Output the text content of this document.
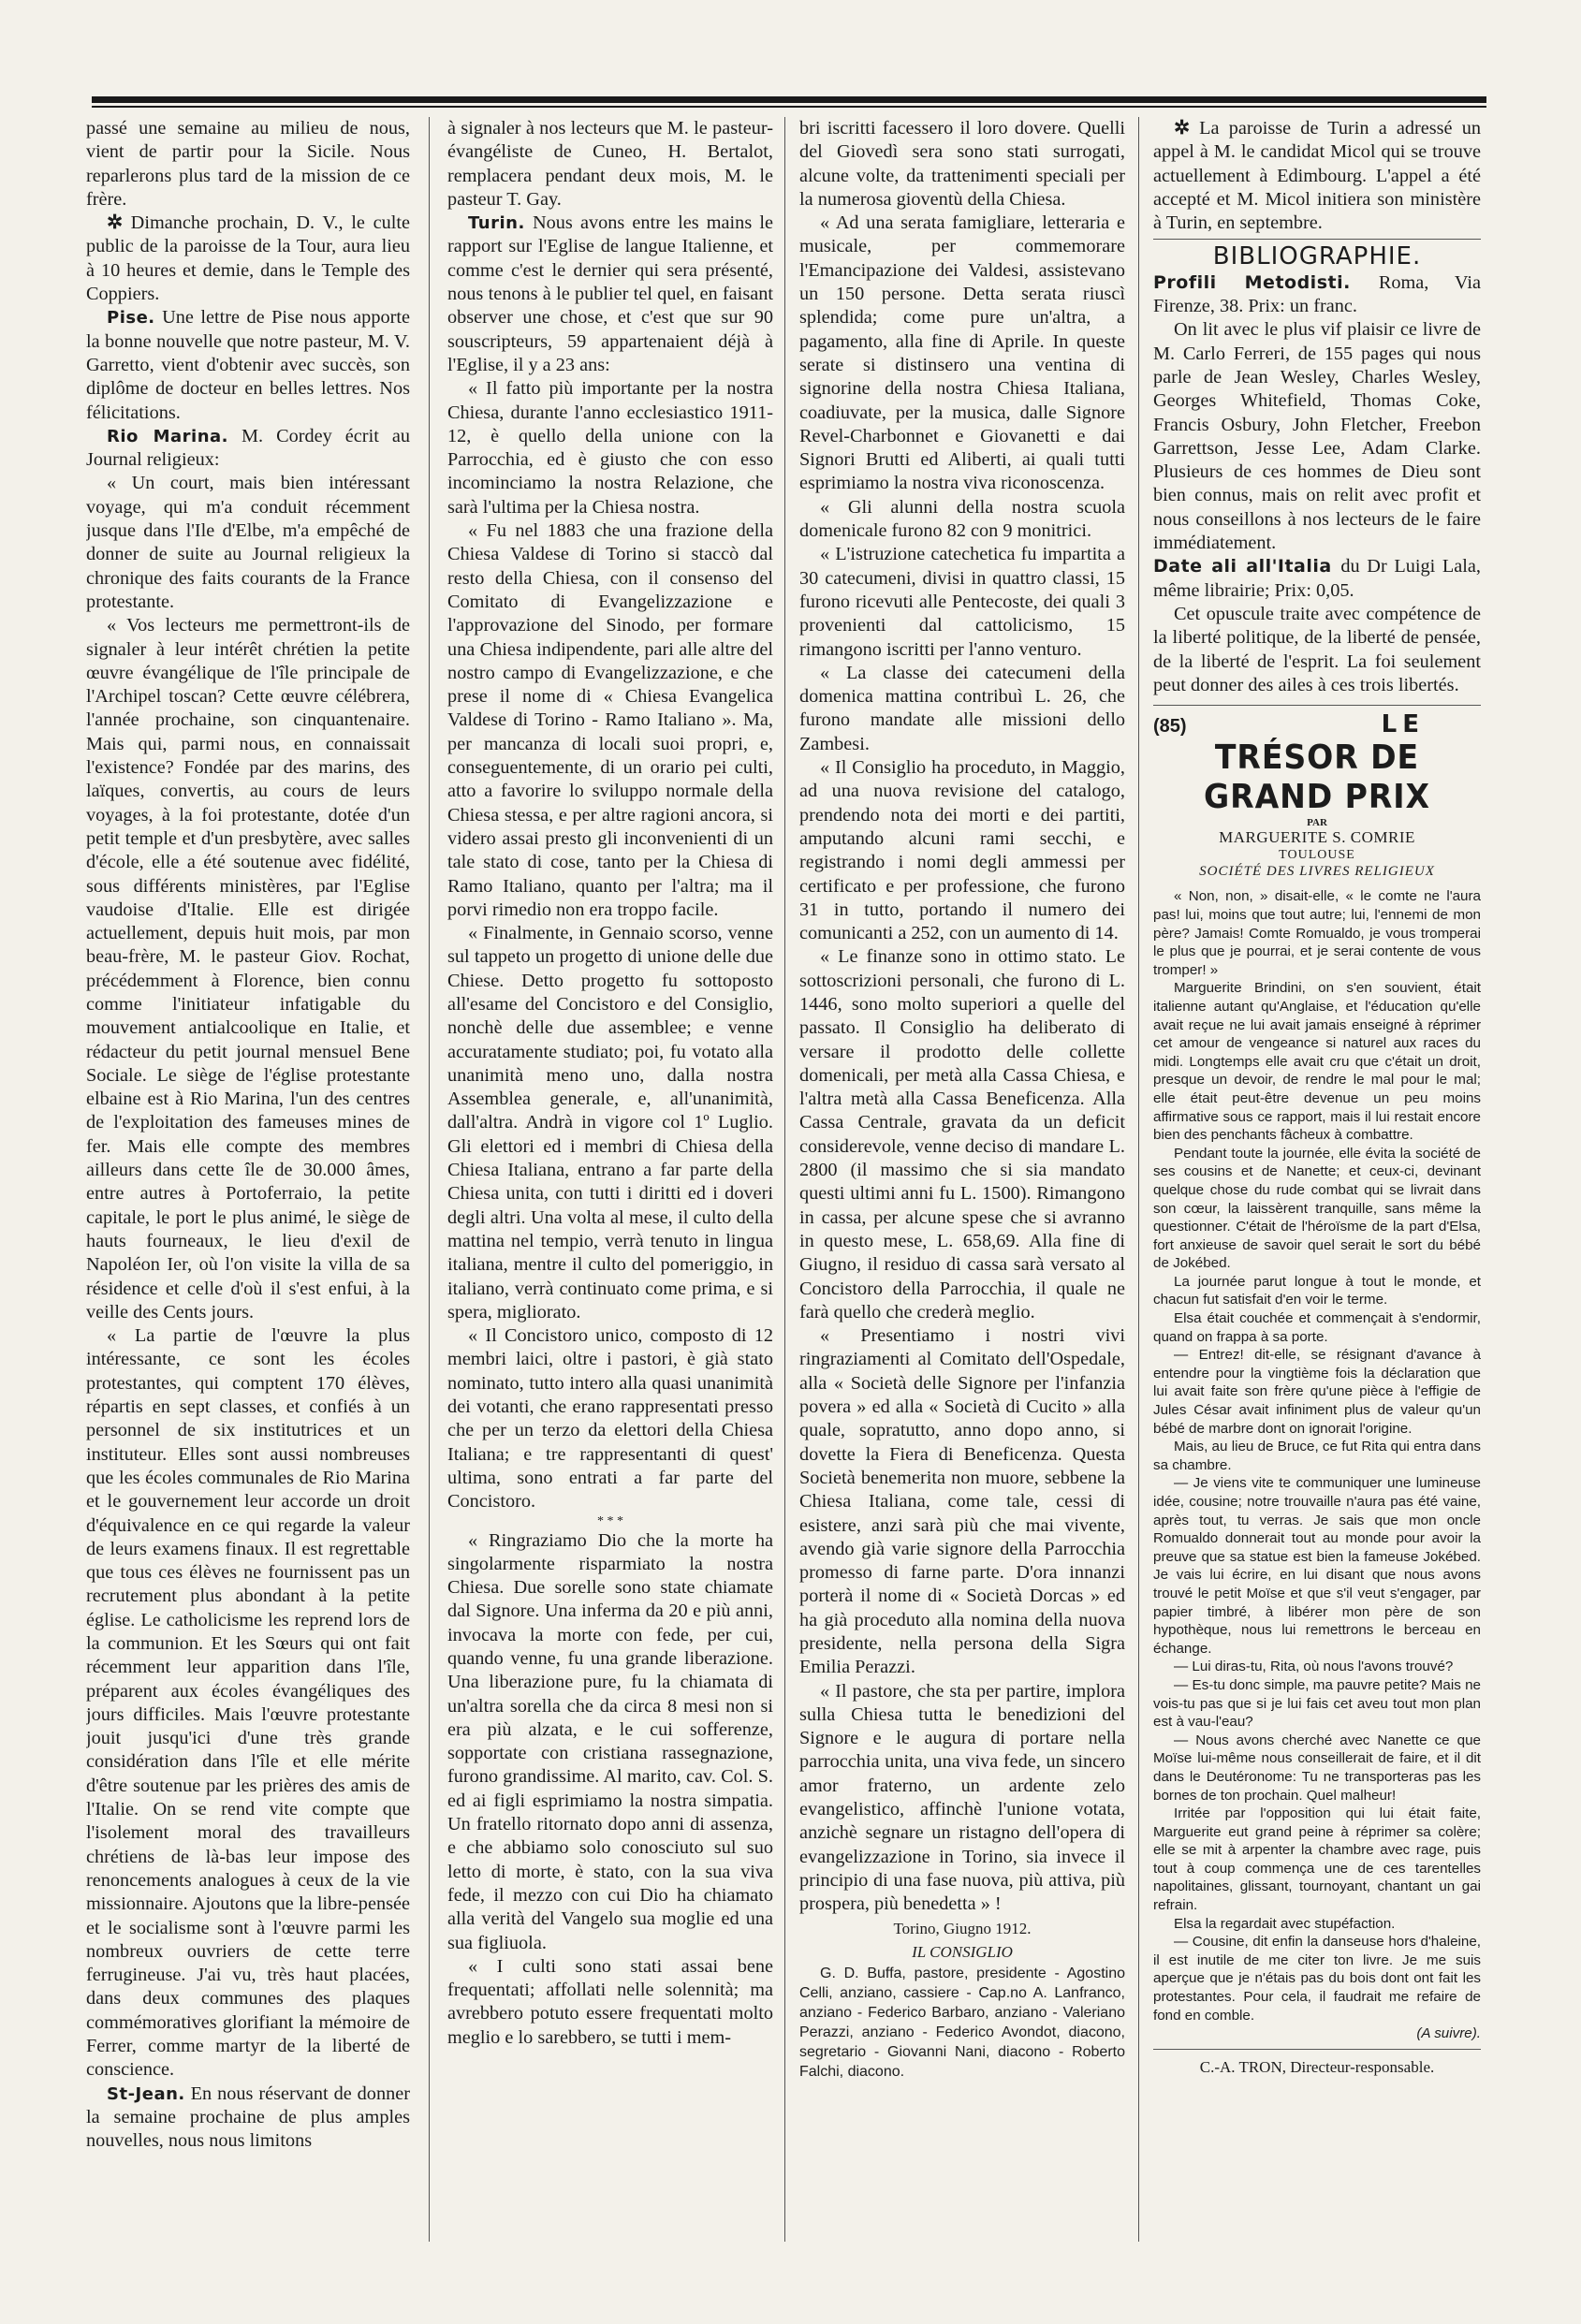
passé une semaine au milieu de nous, vient de partir pour la Sicile. Nous reparlerons plus tard de la mission de ce frère.

✲ Dimanche prochain, D. V., le culte public de la paroisse de la Tour, aura lieu à 10 heures et demie, dans le Temple des Coppiers.

Pise. Une lettre de Pise nous apporte la bonne nouvelle que notre pasteur, M. V. Garretto, vient d'obtenir avec succès, son diplôme de docteur en belles lettres. Nos félicitations.

Rio Marina. M. Cordey écrit au Journal religieux:

« Un court, mais bien intéressant voyage, qui m'a conduit récemment jusque dans l'Ile d'Elbe, m'a empêché de donner de suite au Journal religieux la chronique des faits courants de la France protestante.

« Vos lecteurs me permettront-ils de signaler à leur intérêt chrétien la petite œuvre évangélique de l'île principale de l'Archipel toscan? Cette œuvre célébrera, l'année prochaine, son cinquantenaire. Mais qui, parmi nous, en connaissait l'existence? Fondée par des marins, des laïques, convertis, au cours de leurs voyages, à la foi protestante, dotée d'un petit temple et d'un presbytère, avec salles d'école, elle a été soutenue avec fidélité, sous différents ministères, par l'Eglise vaudoise d'Italie. Elle est dirigée actuellement, depuis huit mois, par mon beau-frère, M. le pasteur Giov. Rochat, précédemment à Florence, bien connu comme l'initiateur infatigable du mouvement antialcoolique en Italie, et rédacteur du petit journal mensuel Bene Sociale. Le siège de l'église protestante elbaine est à Rio Marina, l'un des centres de l'exploitation des fameuses mines de fer. Mais elle compte des membres ailleurs dans cette île de 30.000 âmes, entre autres à Portoferraio, la petite capitale, le port le plus animé, le siège de hauts fourneaux, le lieu d'exil de Napoléon Ier, où l'on visite la villa de sa résidence et celle d'où il s'est enfui, à la veille des Cents jours.

« La partie de l'œuvre la plus intéressante, ce sont les écoles protestantes, qui comptent 170 élèves, répartis en sept classes, et confiés à un personnel de six institutrices et un instituteur. Elles sont aussi nombreuses que les écoles communales de Rio Marina et le gouvernement leur accorde un droit d'équivalence en ce qui regarde la valeur de leurs examens finaux. Il est regrettable que tous ces élèves ne fournissent pas un recrutement plus abondant à la petite église. Le catholicisme les reprend lors de la communion. Et les Sœurs qui ont fait récemment leur apparition dans l'île, préparent aux écoles évangéliques des jours difficiles. Mais l'œuvre protestante jouit jusqu'ici d'une très grande considération dans l'île et elle mérite d'être soutenue par les prières des amis de l'Italie. On se rend vite compte que l'isolement moral des travailleurs chrétiens de là-bas leur impose des renoncements analogues à ceux de la vie missionnaire. Ajoutons que la libre-pensée et le socialisme sont à l'œuvre parmi les nombreux ouvriers de cette terre ferrugineuse. J'ai vu, très haut placées, dans deux communes des plaques commémoratives glorifiant la mémoire de Ferrer, comme martyr de la liberté de conscience.

St-Jean. En nous réservant de donner la semaine prochaine de plus amples nouvelles, nous nous limitons

à signaler à nos lecteurs que M. le pasteur-évangéliste de Cuneo, H. Bertalot, remplacera pendant deux mois, M. le pasteur T. Gay.

Turin. Nous avons entre les mains le rapport sur l'Eglise de langue Italienne, et comme c'est le dernier qui sera présenté, nous tenons à le publier tel quel, en faisant observer une chose, et c'est que sur 90 souscripteurs, 59 appartenaient déjà à l'Eglise, il y a 23 ans:

« Il fatto più importante per la nostra Chiesa, durante l'anno ecclesiastico 1911-12, è quello della unione con la Parrocchia, ed è giusto che con esso incominciamo la nostra Relazione, che sarà l'ultima per la Chiesa nostra.

« Fu nel 1883 che una frazione della Chiesa Valdese di Torino si staccò dal resto della Chiesa, con il consenso del Comitato di Evangelizzazione e l'approvazione del Sinodo, per formare una Chiesa indipendente, pari alle altre del nostro campo di Evangelizzazione, e che prese il nome di « Chiesa Evangelica Valdese di Torino - Ramo Italiano ». Ma, per mancanza di locali suoi propri, e, conseguentemente, di un orario pei culti, atto a favorire lo sviluppo normale della Chiesa stessa, e per altre ragioni ancora, si videro assai presto gli inconvenienti di un tale stato di cose, tanto per la Chiesa di Ramo Italiano, quanto per l'altra; ma il porvi rimedio non era troppo facile.

« Finalmente, in Gennaio scorso, venne sul tappeto un progetto di unione delle due Chiese. Detto progetto fu sottoposto all'esame del Concistoro e del Consiglio, nonchè delle due assemblee; e venne accuratamente studiato; poi, fu votato alla unanimità meno uno, dalla nostra Assemblea generale, e, all'unanimità, dall'altra. Andrà in vigore col 1º Luglio. Gli elettori ed i membri di Chiesa della Chiesa Italiana, entrano a far parte della Chiesa unita, con tutti i diritti ed i doveri degli altri. Una volta al mese, il culto della mattina nel tempio, verrà tenuto in lingua italiana, mentre il culto del pomeriggio, in italiano, verrà continuato come prima, e si spera, migliorato.

« Il Concistoro unico, composto di 12 membri laici, oltre i pastori, è già stato nominato, tutto intero alla quasi unanimità dei votanti, che erano rappresentati presso che per un terzo da elettori della Chiesa Italiana; e tre rappresentanti di quest' ultima, sono entrati a far parte del Concistoro.

* * *

« Ringraziamo Dio che la morte ha singolarmente risparmiato la nostra Chiesa. Due sorelle sono state chiamate dal Signore. Una inferma da 20 e più anni, invocava la morte con fede, per cui, quando venne, fu una grande liberazione. Una liberazione pure, fu la chiamata di un'altra sorella che da circa 8 mesi non si era più alzata, e le cui sofferenze, sopportate con cristiana rassegnazione, furono grandissime. Al marito, cav. Col. S. ed ai figli esprimiamo la nostra simpatia. Un fratello ritornato dopo anni di assenza, e che abbiamo solo conosciuto sul suo letto di morte, è stato, con la sua viva fede, il mezzo con cui Dio ha chiamato alla verità del Vangelo sua moglie ed una sua figliuola.

« I culti sono stati assai bene frequentati; affollati nelle solennità; ma avrebbero potuto essere frequentati molto meglio e lo sarebbero, se tutti i mem-

bri iscritti facessero il loro dovere. Quelli del Giovedì sera sono stati surrogati, alcune volte, da trattenimenti speciali per la numerosa gioventù della Chiesa.

« Ad una serata famigliare, letteraria e musicale, per commemorare l'Emancipazione dei Valdesi, assistevano un 150 persone. Detta serata riuscì splendida; come pure un'altra, a pagamento, alla fine di Aprile. In queste serate si distinsero una ventina di signorine della nostra Chiesa Italiana, coadiuvate, per la musica, dalle Signore Revel-Charbonnet e Giovanetti e dai Signori Brutti ed Aliberti, ai quali tutti esprimiamo la nostra viva riconoscenza.

« Gli alunni della nostra scuola domenicale furono 82 con 9 monitrici.

« L'istruzione catechetica fu impartita a 30 catecumeni, divisi in quattro classi, 15 furono ricevuti alle Pentecoste, dei quali 3 provenienti dal cattolicismo, 15 rimangono iscritti per l'anno venturo.

« La classe dei catecumeni della domenica mattina contribuì L. 26, che furono mandate alle missioni dello Zambesi.

« Il Consiglio ha proceduto, in Maggio, ad una nuova revisione del catalogo, prendendo nota dei morti e dei partiti, amputando alcuni rami secchi, e registrando i nomi degli ammessi per certificato e per professione, che furono 31 in tutto, portando il numero dei comunicanti a 252, con un aumento di 14.

« Le finanze sono in ottimo stato. Le sottoscrizioni personali, che furono di L. 1446, sono molto superiori a quelle del passato. Il Consiglio ha deliberato di versare il prodotto delle collette domenicali, per metà alla Cassa Chiesa, e l'altra metà alla Cassa Beneficenza. Alla Cassa Centrale, gravata da un deficit considerevole, venne deciso di mandare L. 2800 (il massimo che si sia mandato questi ultimi anni fu L. 1500). Rimangono in cassa, per alcune spese che si avranno in questo mese, L. 658,69. Alla fine di Giugno, il residuo di cassa sarà versato al Concistoro della Parrocchia, il quale ne farà quello che crederà meglio.

« Presentiamo i nostri vivi ringraziamenti al Comitato dell'Ospedale, alla « Società delle Signore per l'infanzia povera » ed alla « Società di Cucito » alla quale, sopratutto, anno dopo anno, si dovette la Fiera di Beneficenza. Questa Società benemerita non muore, sebbene la Chiesa Italiana, come tale, cessi di esistere, anzi sarà più che mai vivente, avendo già varie signore della Parrocchia promesso di farne parte. D'ora innanzi porterà il nome di « Società Dorcas » ed ha già proceduto alla nomina della nuova presidente, nella persona della Sigra Emilia Perazzi.

« Il pastore, che sta per partire, implora sulla Chiesa tutta le benedizioni del Signore e le augura di portare nella parrocchia unita, una viva fede, un sincero amor fraterno, un ardente zelo evangelistico, affinchè l'unione votata, anzichè segnare un ristagno dell'opera di evangelizzazione in Torino, sia invece il principio di una fase nuova, più attiva, più prospera, più benedetta » !

Torino, Giugno 1912.

IL CONSIGLIO

G. D. Buffa, pastore, presidente - Agostino Celli, anziano, cassiere - Cap.no A. Lanfranco, anziano - Federico Barbaro, anziano - Valeriano Perazzi, anziano - Federico Avondot, diacono, segretario - Giovanni Nani, diacono - Roberto Falchi, diacono.

✲ La paroisse de Turin a adressé un appel à M. le candidat Micol qui se trouve actuellement à Edimbourg. L'appel a été accepté et M. Micol initiera son ministère à Turin, en septembre.

BIBLIOGRAPHIE.

Profili Metodisti. Roma, Via Firenze, 38. Prix: un franc.

On lit avec le plus vif plaisir ce livre de M. Carlo Ferreri, de 155 pages qui nous parle de Jean Wesley, Charles Wesley, Georges Whitefield, Thomas Coke, Francis Osbury, John Fletcher, Freebon Garrettson, Jesse Lee, Adam Clarke. Plusieurs de ces hommes de Dieu sont bien connus, mais on relit avec profit et nous conseillons à nos lecteurs de le faire immédiatement.

Date ali all'Italia du Dr Luigi Lala, même librairie; Prix: 0,05.

Cet opuscule traite avec compétence de la liberté politique, de la liberté de pensée, de la liberté de l'esprit. La foi seulement peut donner des ailes à ces trois libertés.

(85)	LE
TRÉSOR DE GRAND PRIX
PAR
MARGUERITE S. COMRIE
TOULOUSE
SOCIÉTÉ DES LIVRES RELIGIEUX

« Non, non, » disait-elle, « le comte ne l'aura pas! lui, moins que tout autre; lui, l'ennemi de mon père? Jamais! Comte Romualdo, je vous tromperai le plus que je pourrai, et je serai contente de vous tromper! »

Marguerite Brindini, on s'en souvient, était italienne autant qu'Anglaise, et l'éducation qu'elle avait reçue ne lui avait jamais enseigné à réprimer cet amour de vengeance si naturel aux races du midi. Longtemps elle avait cru que c'était un droit, presque un devoir, de rendre le mal pour le mal; elle était peut-être devenue un peu moins affirmative sous ce rapport, mais il lui restait encore bien des penchants fâcheux à combattre.

Pendant toute la journée, elle évita la société de ses cousins et de Nanette; et ceux-ci, devinant quelque chose du rude combat qui se livrait dans son cœur, la laissèrent tranquille, sans même la questionner. C'était de l'héroïsme de la part d'Elsa, fort anxieuse de savoir quel serait le sort du bébé de Jokébed.

La journée parut longue à tout le monde, et chacun fut satisfait d'en voir le terme.

Elsa était couchée et commençait à s'endormir, quand on frappa à sa porte.

— Entrez! dit-elle, se résignant d'avance à entendre pour la vingtième fois la déclaration que lui avait faite son frère qu'une pièce à l'effigie de Jules César avait infiniment plus de valeur qu'un bébé de marbre dont on ignorait l'origine.

Mais, au lieu de Bruce, ce fut Rita qui entra dans sa chambre.

— Je viens vite te communiquer une lumineuse idée, cousine; notre trouvaille n'aura pas été vaine, après tout, tu verras. Je sais que mon oncle Romualdo donnerait tout au monde pour avoir la preuve que sa statue est bien la fameuse Jokébed. Je vais lui écrire, en lui disant que nous avons trouvé le petit Moïse et que s'il veut s'engager, par papier timbré, à libérer mon père de son hypothèque, nous lui remettrons le berceau en échange.

— Lui diras-tu, Rita, où nous l'avons trouvé?

— Es-tu donc simple, ma pauvre petite? Mais ne vois-tu pas que si je lui fais cet aveu tout mon plan est à vau-l'eau?

— Nous avons cherché avec Nanette ce que Moïse lui-même nous conseillerait de faire, et il dit dans le Deutéronome: Tu ne transporteras pas les bornes de ton prochain. Quel malheur!

Irritée par l'opposition qui lui était faite, Marguerite eut grand peine à réprimer sa colère; elle se mit à arpenter la chambre avec rage, puis tout à coup commença une de ces tarentelles napolitaines, glissant, tournoyant, chantant un gai refrain.

Elsa la regardait avec stupéfaction.

— Cousine, dit enfin la danseuse hors d'haleine, il est inutile de me citer ton livre. Je me suis aperçue que je n'étais pas du bois dont ont fait les protestantes. Pour cela, il faudrait me refaire de fond en comble.

(A suivre).

C.-A. TRON, Directeur-responsable.
